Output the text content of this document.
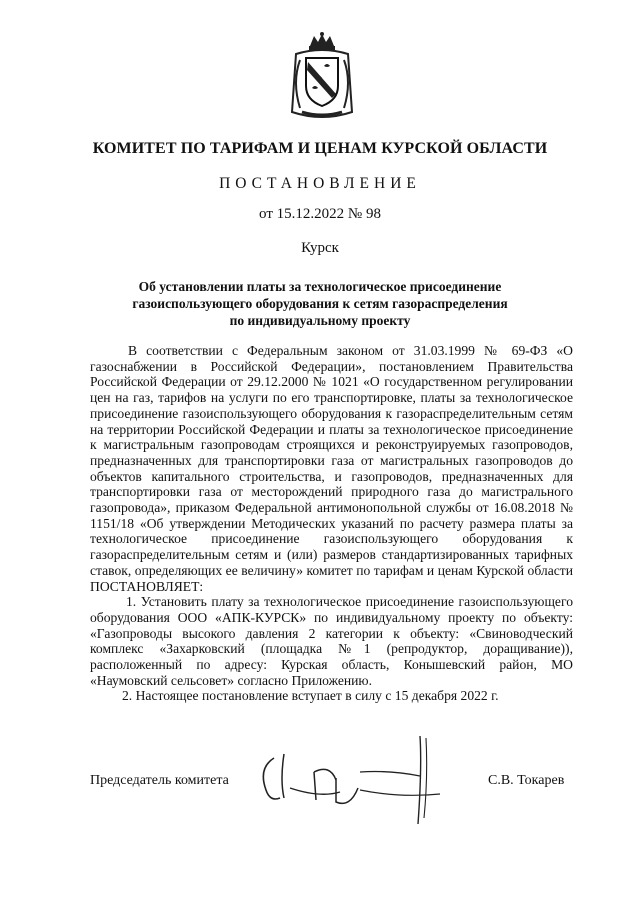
КОМИТЕТ ПО ТАРИФАМ И ЦЕНАМ КУРСКОЙ ОБЛАСТИ
ПОСТАНОВЛЕНИЕ
от 15.12.2022 № 98
Курск
Об установлении платы за технологическое присоединение
газоиспользующего оборудования к сетям газораспределения
по индивидуальному проекту

В соответствии с Федеральным законом от 31.03.1999 № 69-ФЗ «О газоснабжении в Российской Федерации», постановлением Правительства Российской Федерации от 29.12.2000 № 1021 «О государственном регулировании цен на газ, тарифов на услуги по его транспортировке, платы за технологическое присоединение газоиспользующего оборудования к газораспределительным сетям на территории Российской Федерации и платы за технологическое присоединение к магистральным газопроводам строящихся и реконструируемых газопроводов, предназначенных для транспортировки газа от магистральных газопроводов до объектов капитального строительства, и газопроводов, предназначенных для транспортировки газа от месторождений природного газа до магистрального газопровода», приказом Федеральной антимонопольной службы от 16.08.2018 № 1151/18 «Об утверждении Методических указаний по расчету размера платы за технологическое присоединение газоиспользующего оборудования к газораспределительным сетям и (или) размеров стандартизированных тарифных ставок, определяющих ее величину» комитет по тарифам и ценам Курской области ПОСТАНОВЛЯЕТ:

1. Установить плату за технологическое присоединение газоиспользующего оборудования ООО «АПК-КУРСК» по индивидуальному проекту по объекту: «Газопроводы высокого давления 2 категории к объекту: «Свиноводческий комплекс «Захарковский (площадка №1 (репродуктор, доращивание)), расположенный по адресу: Курская область, Конышевский район, МО «Наумовский сельсовет» согласно Приложению.

2. Настоящее постановление вступает в силу с 15 декабря 2022 г.

Председатель комитета	С.В. Токарев
